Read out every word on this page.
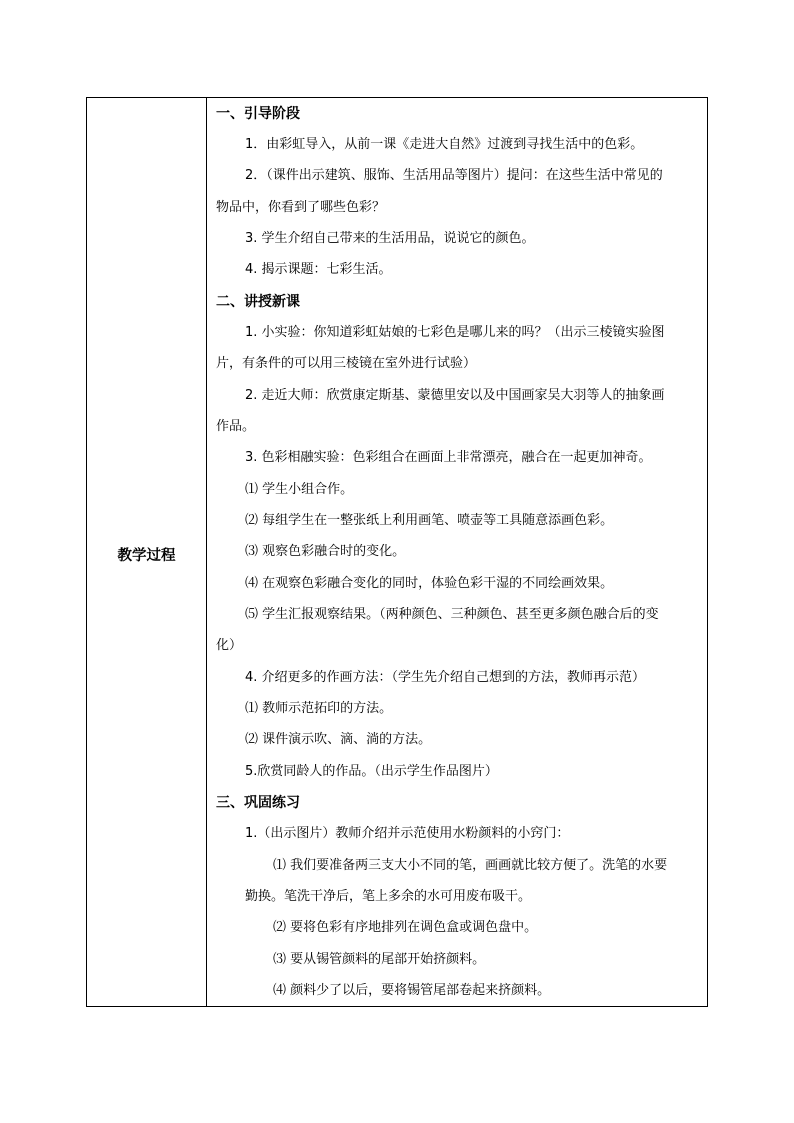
教学过程
一、引导阶段
1．由彩虹导入，从前一课《走进大自然》过渡到寻找生活中的色彩。
2．（课件出示建筑、服饰、生活用品等图片）提问：在这些生活中常见的
物品中，你看到了哪些色彩？
3. 学生介绍自己带来的生活用品，说说它的颜色。
4. 揭示课题：七彩生活。
二、讲授新课
1. 小实验：你知道彩虹姑娘的七彩色是哪儿来的吗？（出示三棱镜实验图
片，有条件的可以用三棱镜在室外进行试验）
2. 走近大师：欣赏康定斯基、蒙德里安以及中国画家吴大羽等人的抽象画
作品。
3. 色彩相融实验：色彩组合在画面上非常漂亮，融合在一起更加神奇。
⑴ 学生小组合作。
⑵ 每组学生在一整张纸上利用画笔、喷壶等工具随意添画色彩。
⑶ 观察色彩融合时的变化。
⑷ 在观察色彩融合变化的同时，体验色彩干湿的不同绘画效果。
⑸ 学生汇报观察结果。（两种颜色、三种颜色、甚至更多颜色融合后的变
化）
4. 介绍更多的作画方法：（学生先介绍自己想到的方法，教师再示范）
⑴ 教师示范拓印的方法。
⑵ 课件演示吹、滴、淌的方法。
5.欣赏同龄人的作品。（出示学生作品图片）
三、巩固练习
1.（出示图片）教师介绍并示范使用水粉颜料的小窍门：
⑴ 我们要准备两三支大小不同的笔，画画就比较方便了。洗笔的水要
勤换。笔洗干净后，笔上多余的水可用废布吸干。
⑵ 要将色彩有序地排列在调色盒或调色盘中。
⑶ 要从锡管颜料的尾部开始挤颜料。
⑷ 颜料少了以后，要将锡管尾部卷起来挤颜料。
